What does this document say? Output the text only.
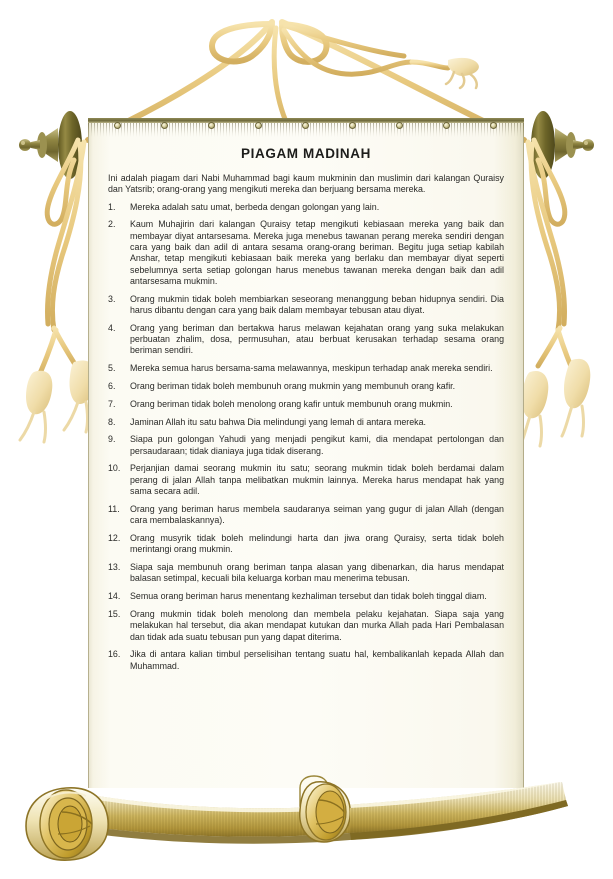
PIAGAM MADINAH

Ini adalah piagam dari Nabi Muhammad bagi kaum mukminin dan muslimin dari kalangan Quraisy dan Yatsrib; orang-orang yang mengikuti mereka dan berjuang bersama mereka.

Mereka adalah satu umat, berbeda dengan golongan yang lain.
Kaum Muhajirin dari kalangan Quraisy tetap mengikuti kebiasaan mereka yang baik dan membayar diyat antarsesama. Mereka juga menebus tawanan perang mereka sendiri dengan cara yang baik dan adil di antara sesama orang-orang beriman. Begitu juga setiap kabilah Anshar, tetap mengikuti kebiasaan baik mereka yang berlaku dan membayar diyat seperti sebelumnya serta setiap golongan harus menebus tawanan mereka dengan baik dan adil antarsesama mukmin.
Orang mukmin tidak boleh membiarkan seseorang menanggung beban hidupnya sendiri. Dia harus dibantu dengan cara yang baik dalam membayar tebusan atau diyat.
Orang yang beriman dan bertakwa harus melawan kejahatan orang yang suka melakukan perbuatan zhalim, dosa, permusuhan, atau berbuat kerusakan terhadap sesama orang beriman sendiri.
Mereka semua harus bersama-sama melawannya, meskipun terhadap anak mereka sendiri.
Orang beriman tidak boleh membunuh orang mukmin yang membunuh orang kafir.
Orang beriman tidak boleh menolong orang kafir untuk membunuh orang mukmin.
Jaminan Allah itu satu bahwa Dia melindungi yang lemah di antara mereka.
Siapa pun golongan Yahudi yang menjadi pengikut kami, dia mendapat pertolongan dan persaudaraan; tidak dianiaya juga tidak diserang.
Perjanjian damai seorang mukmin itu satu; seorang mukmin tidak boleh berdamai dalam perang di jalan Allah tanpa melibatkan mukmin lainnya. Mereka harus mendapat hak yang sama secara adil.
Orang yang beriman harus membela saudaranya seiman yang gugur di jalan Allah (dengan cara membalaskannya).
Orang musyrik tidak boleh melindungi harta dan jiwa orang Quraisy, serta tidak boleh merintangi orang mukmin.
Siapa saja membunuh orang beriman tanpa alasan yang dibenarkan, dia harus mendapat balasan setimpal, kecuali bila keluarga korban mau menerima tebusan.
Semua orang beriman harus menentang kezhaliman tersebut dan tidak boleh tinggal diam.
Orang mukmin tidak boleh menolong dan membela pelaku kejahatan. Siapa saja yang melakukan hal tersebut, dia akan mendapat kutukan dan murka Allah pada Hari Pembalasan dan tidak ada suatu tebusan pun yang dapat diterima.
Jika di antara kalian timbul perselisihan tentang suatu hal, kembalikanlah kepada Allah dan Muhammad.
